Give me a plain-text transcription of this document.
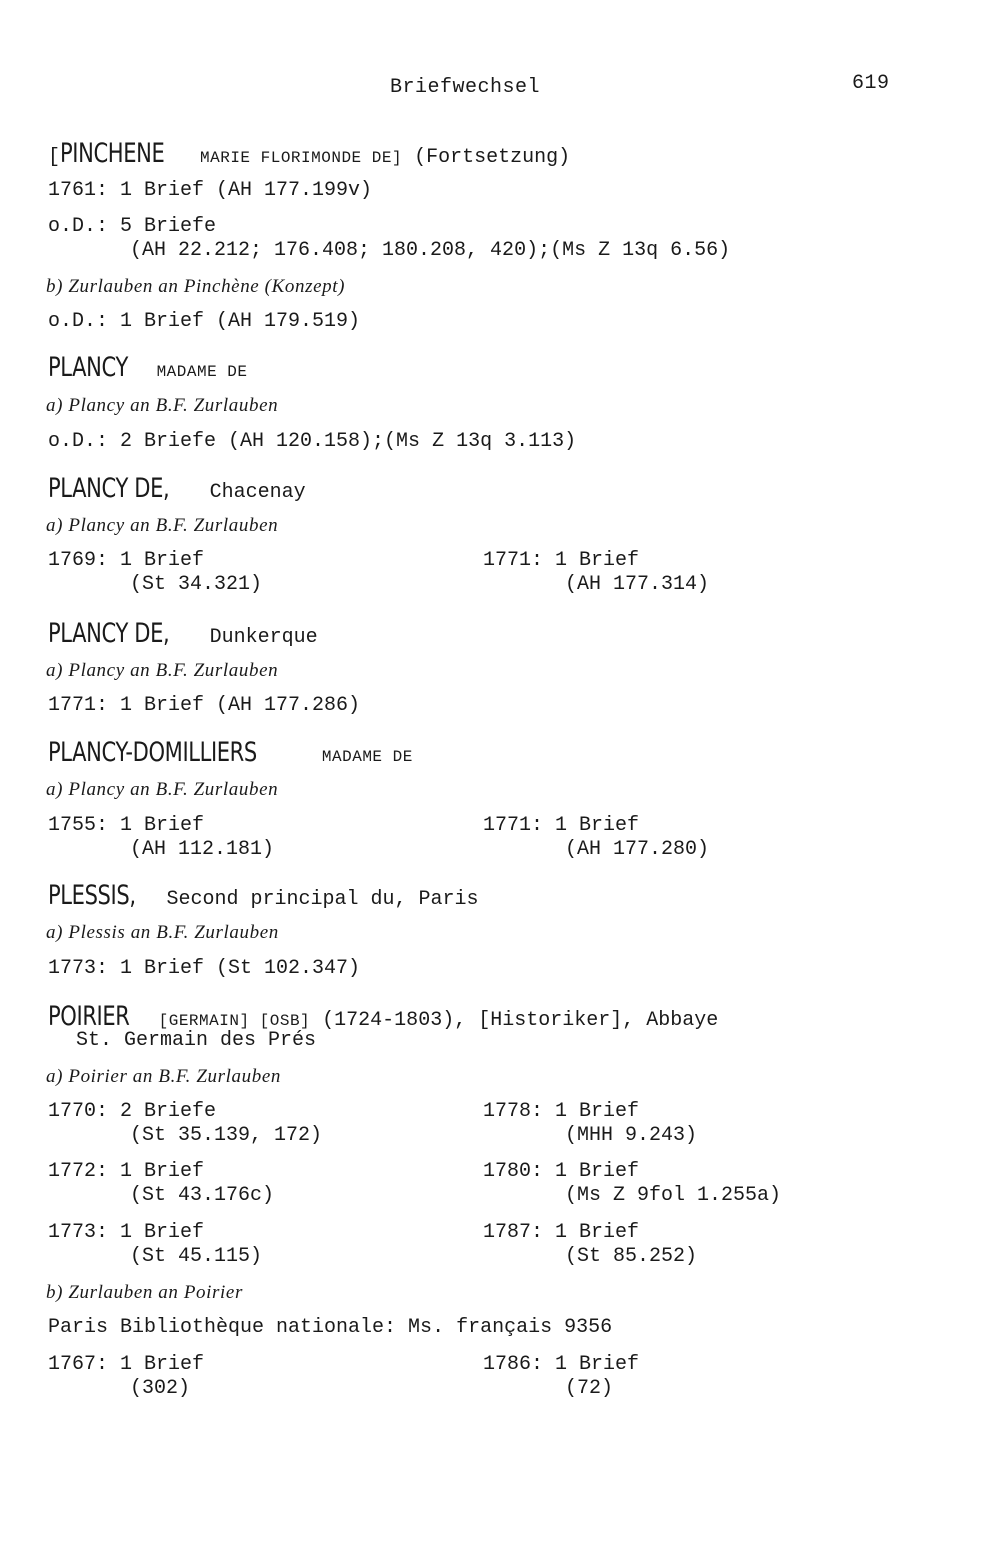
Briefwechsel	619
[PINCHENE MARIE FLORIMONDE DE] (Fortsetzung)
1761: 1 Brief (AH 177.199v)
o.D.: 5 Briefe
(AH 22.212; 176.408; 180.208, 420);(Ms Z 13q 6.56)
b) Zurlauben an Pinchène (Konzept)
o.D.: 1 Brief (AH 179.519)
PLANCY MADAME DE
a) Plancy an B.F. Zurlauben
o.D.: 2 Briefe (AH 120.158);(Ms Z 13q 3.113)
PLANCY DE, Chacenay
a) Plancy an B.F. Zurlauben
1769: 1 Brief
(St 34.321)
1771: 1 Brief
(AH 177.314)
PLANCY DE, Dunkerque
a) Plancy an B.F. Zurlauben
1771: 1 Brief (AH 177.286)
PLANCY-DOMILLIERS	MADAME DE
a) Plancy an B.F. Zurlauben
1755: 1 Brief
(AH 112.181)
1771: 1 Brief
(AH 177.280)
PLESSIS, Second principal du, Paris
a) Plessis an B.F. Zurlauben
1773: 1 Brief (St 102.347)
POIRIER [GERMAIN] [OSB] (1724-1803), [Historiker], Abbaye
St. Germain des Prés
a) Poirier an B.F. Zurlauben
1770: 2 Briefe
(St 35.139, 172)
1778: 1 Brief
(MHH 9.243)
1772: 1 Brief
(St 43.176c)
1780: 1 Brief
(Ms Z 9fol 1.255a)
1773: 1 Brief
(St 45.115)
1787: 1 Brief
(St 85.252)
b) Zurlauben an Poirier
Paris Bibliothèque nationale: Ms. français 9356
1767: 1 Brief
(302)
1786: 1 Brief
(72)
